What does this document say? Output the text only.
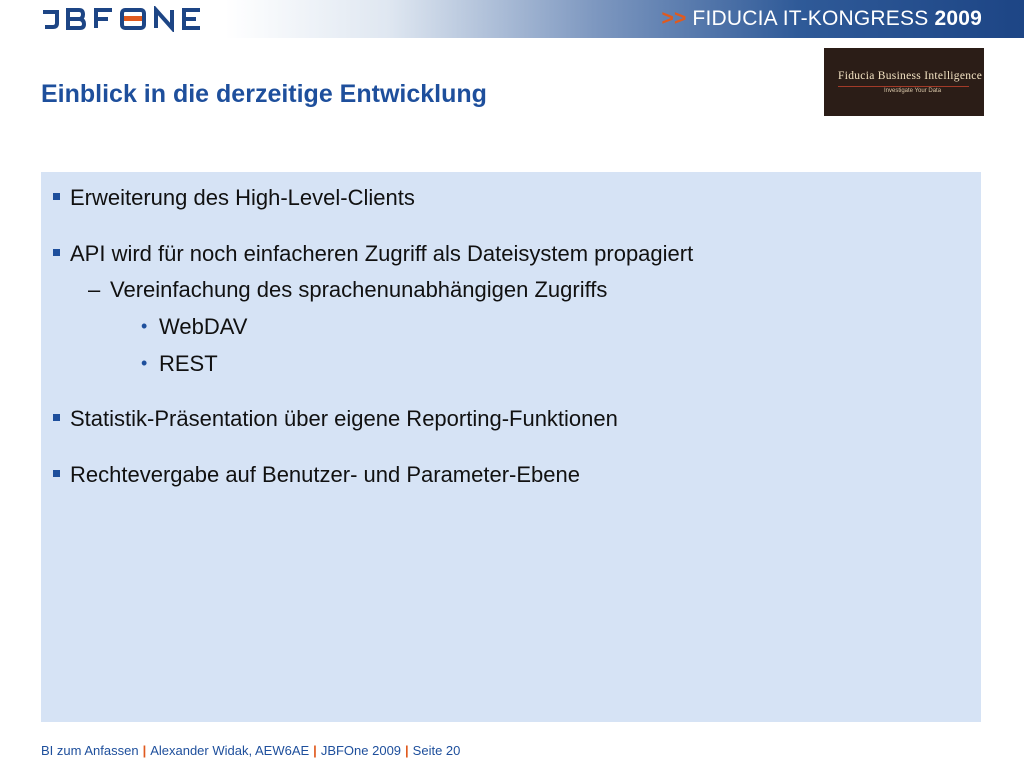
>> FIDUCIA IT-KONGRESS 2009
Einblick in die derzeitige Entwicklung
Fiducia Business Intelligence
Investigate Your Data
Erweiterung des High-Level-Clients
API wird für noch einfacheren Zugriff als Dateisystem propagiert
– Vereinfachung des sprachenunabhängigen Zugriffs
• WebDAV
• REST
Statistik-Präsentation über eigene Reporting-Funktionen
Rechtevergabe auf Benutzer- und Parameter-Ebene
BI zum Anfassen | Alexander Widak, AEW6AE | JBFOne 2009 | Seite 20
